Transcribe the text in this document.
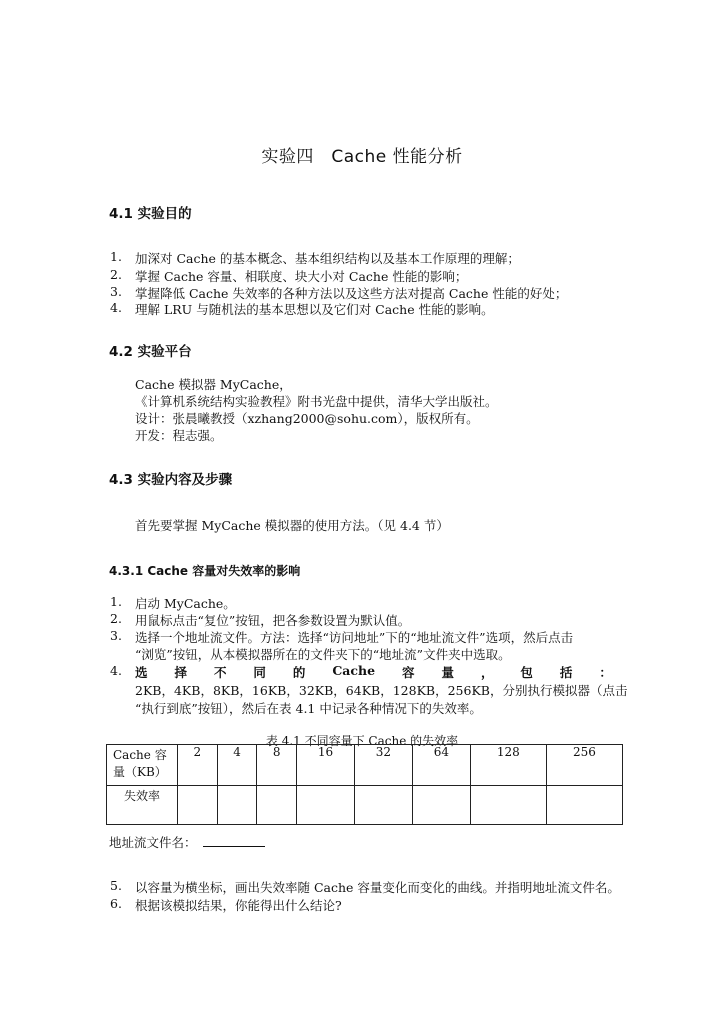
实验四　Cache 性能分析
4.1 实验目的
1.	加深对 Cache 的基本概念、基本组织结构以及基本工作原理的理解；
2.	掌握 Cache 容量、相联度、块大小对 Cache 性能的影响；
3.	掌握降低 Cache 失效率的各种方法以及这些方法对提高 Cache 性能的好处；
4.	理解 LRU 与随机法的基本思想以及它们对 Cache 性能的影响。
4.2 实验平台
Cache 模拟器 MyCache，
《计算机系统结构实验教程》附书光盘中提供，清华大学出版社。
设计：张晨曦教授（xzhang2000@sohu.com），版权所有。
开发：程志强。
4.3 实验内容及步骤
首先要掌握 MyCache 模拟器的使用方法。（见 4.4 节）
4.3.1 Cache 容量对失效率的影响
1.	启动 MyCache。
2.	用鼠标点击“复位”按钮，把各参数设置为默认值。
3.	选择一个地址流文件。方法：选择“访问地址”下的“地址流文件”选项，然后点击
“浏览”按钮，从本模拟器所在的文件夹下的“地址流”文件夹中选取。
4.	选 择 不 同 的 Cache 容 量 ， 包 括 ：
2KB，4KB，8KB，16KB，32KB，64KB，128KB，256KB，分别执行模拟器（点击
“执行到底”按钮），然后在表 4.1 中记录各种情况下的失效率。
表 4.1 不同容量下 Cache 的失效率
Cache 容
量（KB）	2	4	8	16	32	64	128	256
失效率								
地址流文件名：
5.	以容量为横坐标，画出失效率随 Cache 容量变化而变化的曲线。并指明地址流文件名。
6.	根据该模拟结果，你能得出什么结论?
